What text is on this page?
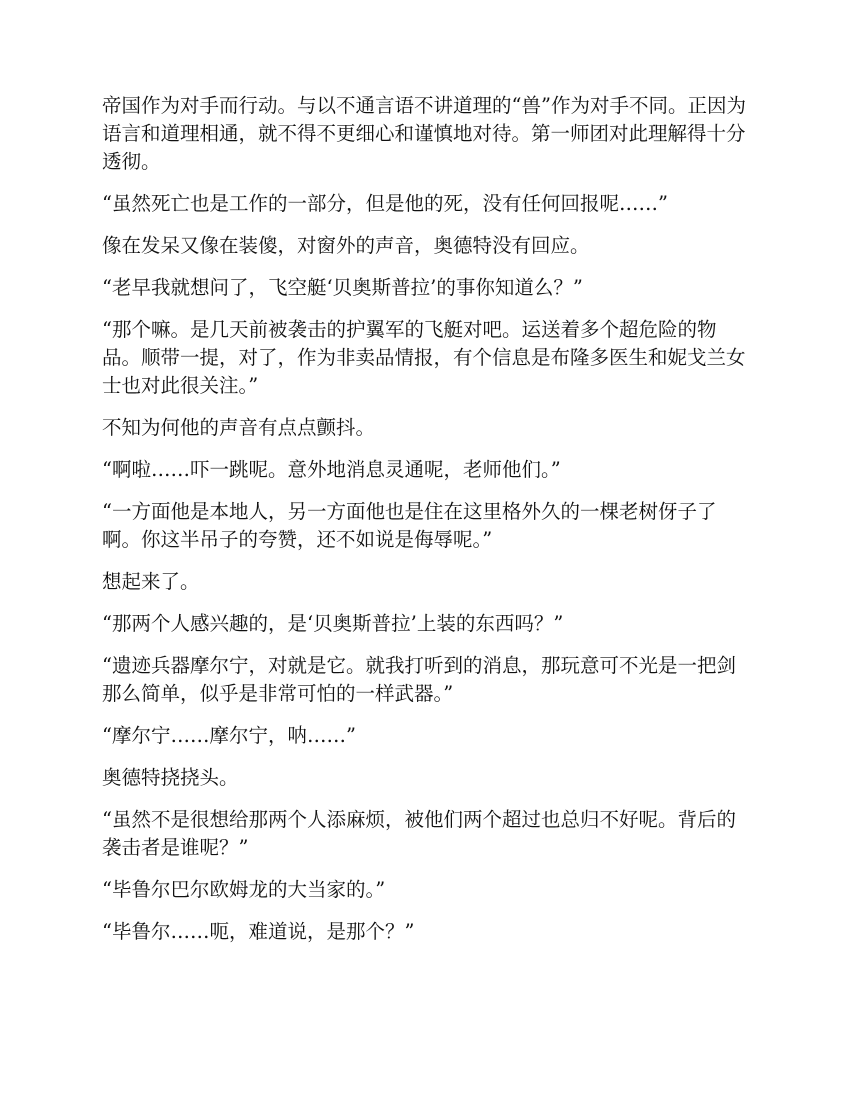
帝国作为对手而行动。与以不通言语不讲道理的“兽”作为对手不同。正因为语言和道理相通，就不得不更细心和谨慎地对待。第一师团对此理解得十分透彻。

“虽然死亡也是工作的一部分，但是他的死，没有任何回报呢……”

像在发呆又像在装傻，对窗外的声音，奥德特没有回应。

“老早我就想问了，飞空艇‘贝奥斯普拉’的事你知道么？”

“那个嘛。是几天前被袭击的护翼军的飞艇对吧。运送着多个超危险的物品。顺带一提，对了，作为非卖品情报，有个信息是布隆多医生和妮戈兰女士也对此很关注。”

不知为何他的声音有点点颤抖。

“啊啦……吓一跳呢。意外地消息灵通呢，老师他们。”

“一方面他是本地人，另一方面他也是住在这里格外久的一棵老树伢子了啊。你这半吊子的夸赞，还不如说是侮辱呢。”

想起来了。

“那两个人感兴趣的，是‘贝奥斯普拉’上装的东西吗？”

“遗迹兵器摩尔宁，对就是它。就我打听到的消息，那玩意可不光是一把剑那么简单，似乎是非常可怕的一样武器。”

“摩尔宁……摩尔宁，呐……”

奥德特挠挠头。

“虽然不是很想给那两个人添麻烦，被他们两个超过也总归不好呢。背后的袭击者是谁呢？”

“毕鲁尔巴尔欧姆龙的大当家的。”

“毕鲁尔……呃，难道说，是那个？”
